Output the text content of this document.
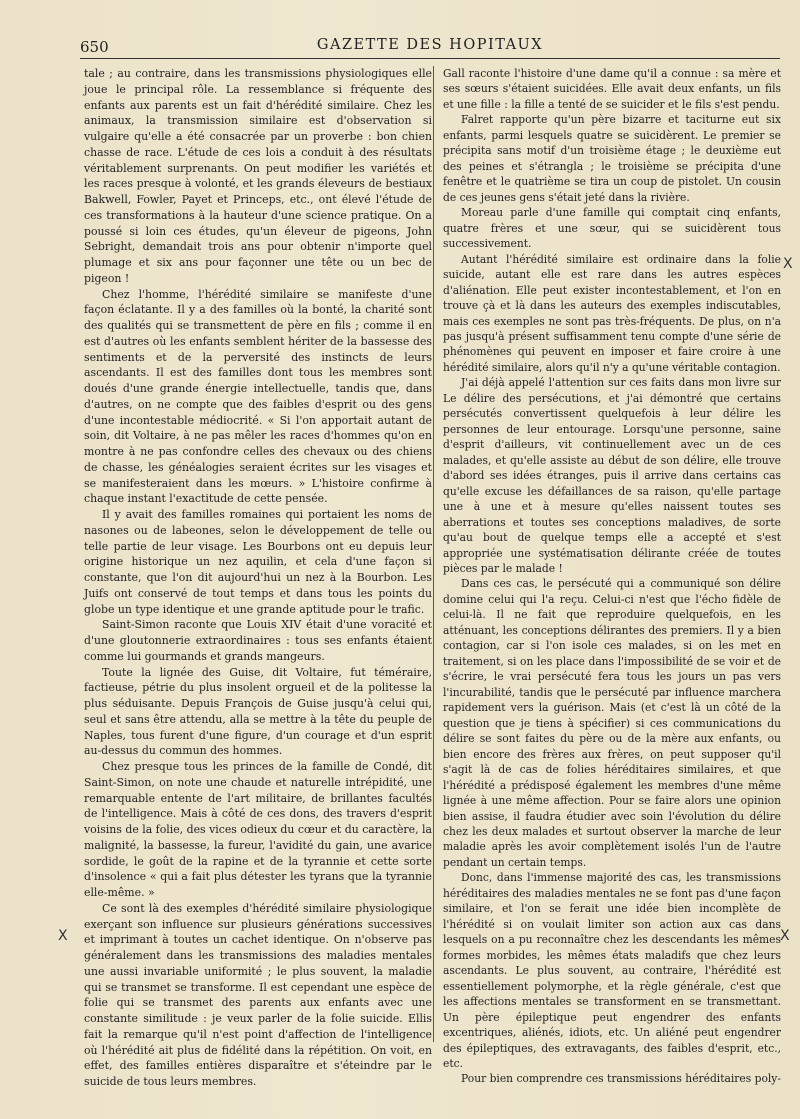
650	GAZETTE DES HOPITAUX

tale ; au contraire, dans les transmissions physiologiques elle joue le principal rôle. La ressemblance si fréquente des enfants aux parents est un fait d'hérédité similaire. Chez les animaux, la transmission similaire est d'observation si vulgaire qu'elle a été consacrée par un proverbe : bon chien chasse de race. L'étude de ces lois a conduit à des résultats véritablement surprenants. On peut modifier les variétés et les races presque à volonté, et les grands éleveurs de bestiaux Bakwell, Fowler, Payet et Princeps, etc., ont élevé l'étude de ces transformations à la hauteur d'une science pratique. On a poussé si loin ces études, qu'un éleveur de pigeons, John Sebright, demandait trois ans pour obtenir n'importe quel plumage et six ans pour façonner une tête ou un bec de pigeon !

Chez l'homme, l'hérédité similaire se manifeste d'une façon éclatante. Il y a des familles où la bonté, la charité sont des qualités qui se transmettent de père en fils ; comme il en est d'autres où les enfants semblent hériter de la bassesse des sentiments et de la perversité des instincts de leurs ascendants. Il est des familles dont tous les membres sont doués d'une grande énergie intellectuelle, tandis que, dans d'autres, on ne compte que des faibles d'esprit ou des gens d'une incontestable médiocrité. « Si l'on apportait autant de soin, dit Voltaire, à ne pas mêler les races d'hommes qu'on en montre à ne pas confondre celles des chevaux ou des chiens de chasse, les généalogies seraient écrites sur les visages et se manifesteraient dans les mœurs. » L'histoire confirme à chaque instant l'exactitude de cette pensée.

Il y avait des familles romaines qui portaient les noms de nasones ou de labeones, selon le développement de telle ou telle partie de leur visage. Les Bourbons ont eu depuis leur origine historique un nez aquilin, et cela d'une façon si constante, que l'on dit aujourd'hui un nez à la Bourbon. Les Juifs ont conservé de tout temps et dans tous les points du globe un type identique et une grande aptitude pour le trafic.

Saint-Simon raconte que Louis XIV était d'une voracité et d'une gloutonnerie extraordinaires : tous ses enfants étaient comme lui gourmands et grands mangeurs.

Toute la lignée des Guise, dit Voltaire, fut téméraire, factieuse, pétrie du plus insolent orgueil et de la politesse la plus séduisante. Depuis François de Guise jusqu'à celui qui, seul et sans être attendu, alla se mettre à la tête du peuple de Naples, tous furent d'une figure, d'un courage et d'un esprit au-dessus du commun des hommes.

Chez presque tous les princes de la famille de Condé, dit Saint-Simon, on note une chaude et naturelle intrépidité, une remarquable entente de l'art militaire, de brillantes facultés de l'intelligence. Mais à côté de ces dons, des travers d'esprit voisins de la folie, des vices odieux du cœur et du caractère, la malignité, la bassesse, la fureur, l'avidité du gain, une avarice sordide, le goût de la rapine et de la tyrannie et cette sorte d'insolence « qui a fait plus détester les tyrans que la tyrannie elle-même. »

Ce sont là des exemples d'hérédité similaire physiologique exerçant son influence sur plusieurs générations successives et imprimant à toutes un cachet identique. On n'observe pas généralement dans les transmissions des maladies mentales une aussi invariable uniformité ; le plus souvent, la maladie qui se transmet se transforme. Il est cependant une espèce de folie qui se transmet des parents aux enfants avec une constante similitude : je veux parler de la folie suicide. Ellis fait la remarque qu'il n'est point d'affection de l'intelligence où l'hérédité ait plus de fidélité dans la répétition. On voit, en effet, des familles entières disparaître et s'éteindre par le suicide de tous leurs membres.

Gall raconte l'histoire d'une dame qu'il a connue : sa mère et ses sœurs s'étaient suicidées. Elle avait deux enfants, un fils et une fille : la fille a tenté de se suicider et le fils s'est pendu.

Falret rapporte qu'un père bizarre et taciturne eut six enfants, parmi lesquels quatre se suicidèrent. Le premier se précipita sans motif d'un troisième étage ; le deuxième eut des peines et s'étrangla ; le troisième se précipita d'une fenêtre et le quatrième se tira un coup de pistolet. Un cousin de ces jeunes gens s'était jeté dans la rivière.

Moreau parle d'une famille qui comptait cinq enfants, quatre frères et une sœur, qui se suicidèrent tous successivement.

Autant l'hérédité similaire est ordinaire dans la folie suicide, autant elle est rare dans les autres espèces d'aliénation. Elle peut exister incontestablement, et l'on en trouve çà et là dans les auteurs des exemples indiscutables, mais ces exemples ne sont pas très-fréquents. De plus, on n'a pas jusqu'à présent suffisamment tenu compte d'une série de phénomènes qui peuvent en imposer et faire croire à une hérédité similaire, alors qu'il n'y a qu'une véritable contagion.

J'ai déjà appelé l'attention sur ces faits dans mon livre sur Le délire des persécutions, et j'ai démontré que certains persécutés convertissent quelquefois à leur délire les personnes de leur entourage. Lorsqu'une personne, saine d'esprit d'ailleurs, vit continuellement avec un de ces malades, et qu'elle assiste au début de son délire, elle trouve d'abord ses idées étranges, puis il arrive dans certains cas qu'elle excuse les défaillances de sa raison, qu'elle partage une à une et à mesure qu'elles naissent toutes ses aberrations et toutes ses conceptions maladives, de sorte qu'au bout de quelque temps elle a accepté et s'est appropriée une systématisation délirante créée de toutes pièces par le malade !

Dans ces cas, le persécuté qui a communiqué son délire domine celui qui l'a reçu. Celui-ci n'est que l'écho fidèle de celui-là. Il ne fait que reproduire quelquefois, en les atténuant, les conceptions délirantes des premiers. Il y a bien contagion, car si l'on isole ces malades, si on les met en traitement, si on les place dans l'impossibilité de se voir et de s'écrire, le vrai persécuté fera tous les jours un pas vers l'incurabilité, tandis que le persécuté par influence marchera rapidement vers la guérison. Mais (et c'est là un côté de la question que je tiens à spécifier) si ces communications du délire se sont faites du père ou de la mère aux enfants, ou bien encore des frères aux frères, on peut supposer qu'il s'agit là de cas de folies héréditaires similaires, et que l'hérédité a prédisposé également les membres d'une même lignée à une même affection. Pour se faire alors une opinion bien assise, il faudra étudier avec soin l'évolution du délire chez les deux malades et surtout observer la marche de leur maladie après les avoir complètement isolés l'un de l'autre pendant un certain temps.

Donc, dans l'immense majorité des cas, les transmissions héréditaires des maladies mentales ne se font pas d'une façon similaire, et l'on se ferait une idée bien incomplète de l'hérédité si on voulait limiter son action aux cas dans lesquels on a pu reconnaître chez les descendants les mêmes formes morbides, les mêmes états maladifs que chez leurs ascendants. Le plus souvent, au contraire, l'hérédité est essentiellement polymorphe, et la règle générale, c'est que les affections mentales se transforment en se transmettant. Un père épileptique peut engendrer des enfants excentriques, aliénés, idiots, etc. Un aliéné peut engendrer des épileptiques, des extravagants, des faibles d'esprit, etc., etc.

Pour bien comprendre ces transmissions héréditaires poly-

X
X	X
